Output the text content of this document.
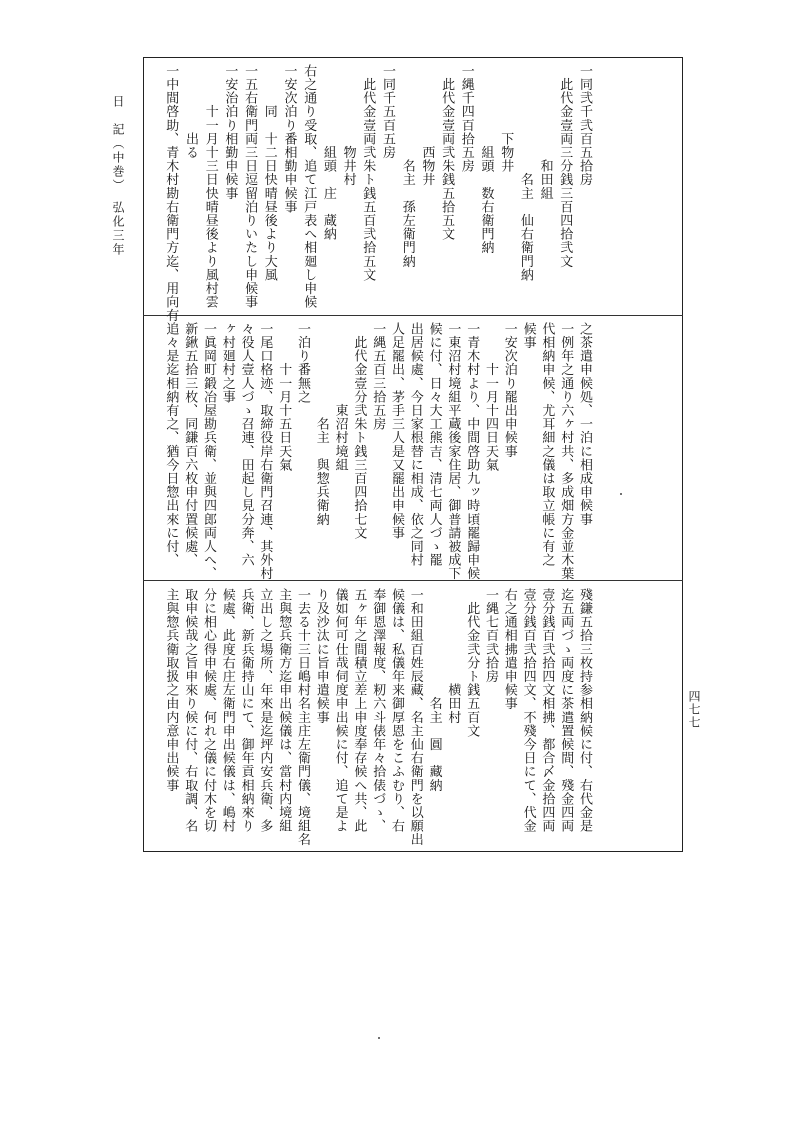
日　記（中巻）　弘化三年
四七七
一同弐千弐百五拾房
　此代金壹両三分銭三百四拾弐文
　　　　　　　和田組
　　　　　　　　名主　仙右衛門納
　　　　　下物井
　　　　　　組頭　数右衛門納
一縄千四百拾五房
　此代金壹両弐朱銭五拾五文
　　　　　　西物井
　　　　　　　名主　孫左衛門納
一同千五百五房
　此代金壹両弐朱ト銭五百弐拾五文
　　　　　　物井村
　　　　　　組頭　庄　蔵納
右之通り受取、追て江戸表へ相廻し申候
一安次泊り番相勤申候事
　　　同　十二日快晴昼後より大風
一五右衛門両三日逗留泊りいたし申候事
一安治泊り相勤申候事
　　　十一月十三日快晴昼後より風村雲
　　　　　出る
一中間啓助、青木村勘右衛門方迄、用向有
之茶遣申候処、一泊に相成申候事
一例年之通り六ヶ村共、多成畑方金並木葉
代相納申候、尤耳細之儀は取立帳に有之
候事
一安次泊り罷出申候事
　　　十一月十四日天氣
一青木村より、中間啓助九ッ時頃罷歸申候
一東沼村境組平蔵後家住居、御普請被成下
候に付、日々大工熊吉、清七両人づゝ罷
出居候處、今日家根替に相成、依之同村
人足罷出、茅手三人是又罷出申候事
一縄五百三拾五房
　此代金壹分弐朱ト銭三百四拾七文
　　　　　　東沼村境組
　　　　　　　名主　與惣兵衛納
一泊り番無之
　　　十一月十五日天氣
一尾口格迹、取締役岸右衛門召連、其外村
々役人壹人づゝ召連、田起し見分奔、六
ヶ村廻村之事
一眞岡町鍛冶屋勘兵衛、並與四郎両人へ、
新鍬五拾三枚、同鎌百六枚申付置候處、
追々是迄相納有之、猶今日惣出來に付、
殘鎌五拾三枚持参相納候に付、右代金是
迄五両づゝ両度に茶遣置候間、殘金四両
壹分銭百弐拾四文相拂、都合〆金拾四両
壹分銭百弐拾四文、不殘今日にて、代金
右之通相拂遣申候事
一縄七百弐拾房
　此代金弐分ト銭五百文
　　　　　　　横田村
　　　　　　　　名主　圓　藏納
一和田組百姓辰藏、名主仙右衛門を以願出
候儀は、私儀年来御厚恩をこふむり、右
奉御恩澤報度、籾六斗俵年々拾俵づゝ、
五ヶ年之間積立差上申度奉存候へ共、此
儀如何可仕哉伺度申出候に付、追て是よ
り及沙汰に旨申遣候事
一去る十三日嶋村名主庄左衛門儀、境組名
主與惣兵衛方迄申出候儀は、當村内境組
立出し之場所、年來是迄坪内安兵衛、多
兵衛、新兵衛持山にて、御年貢相納來り
候處、此度右庄左衛門申出候儀は、嶋村
分に相心得申候處、何れ之儀に付木を切
取申候哉之旨申來り候に付、右取調、名
主與惣兵衛取扱之由内意申出候事
